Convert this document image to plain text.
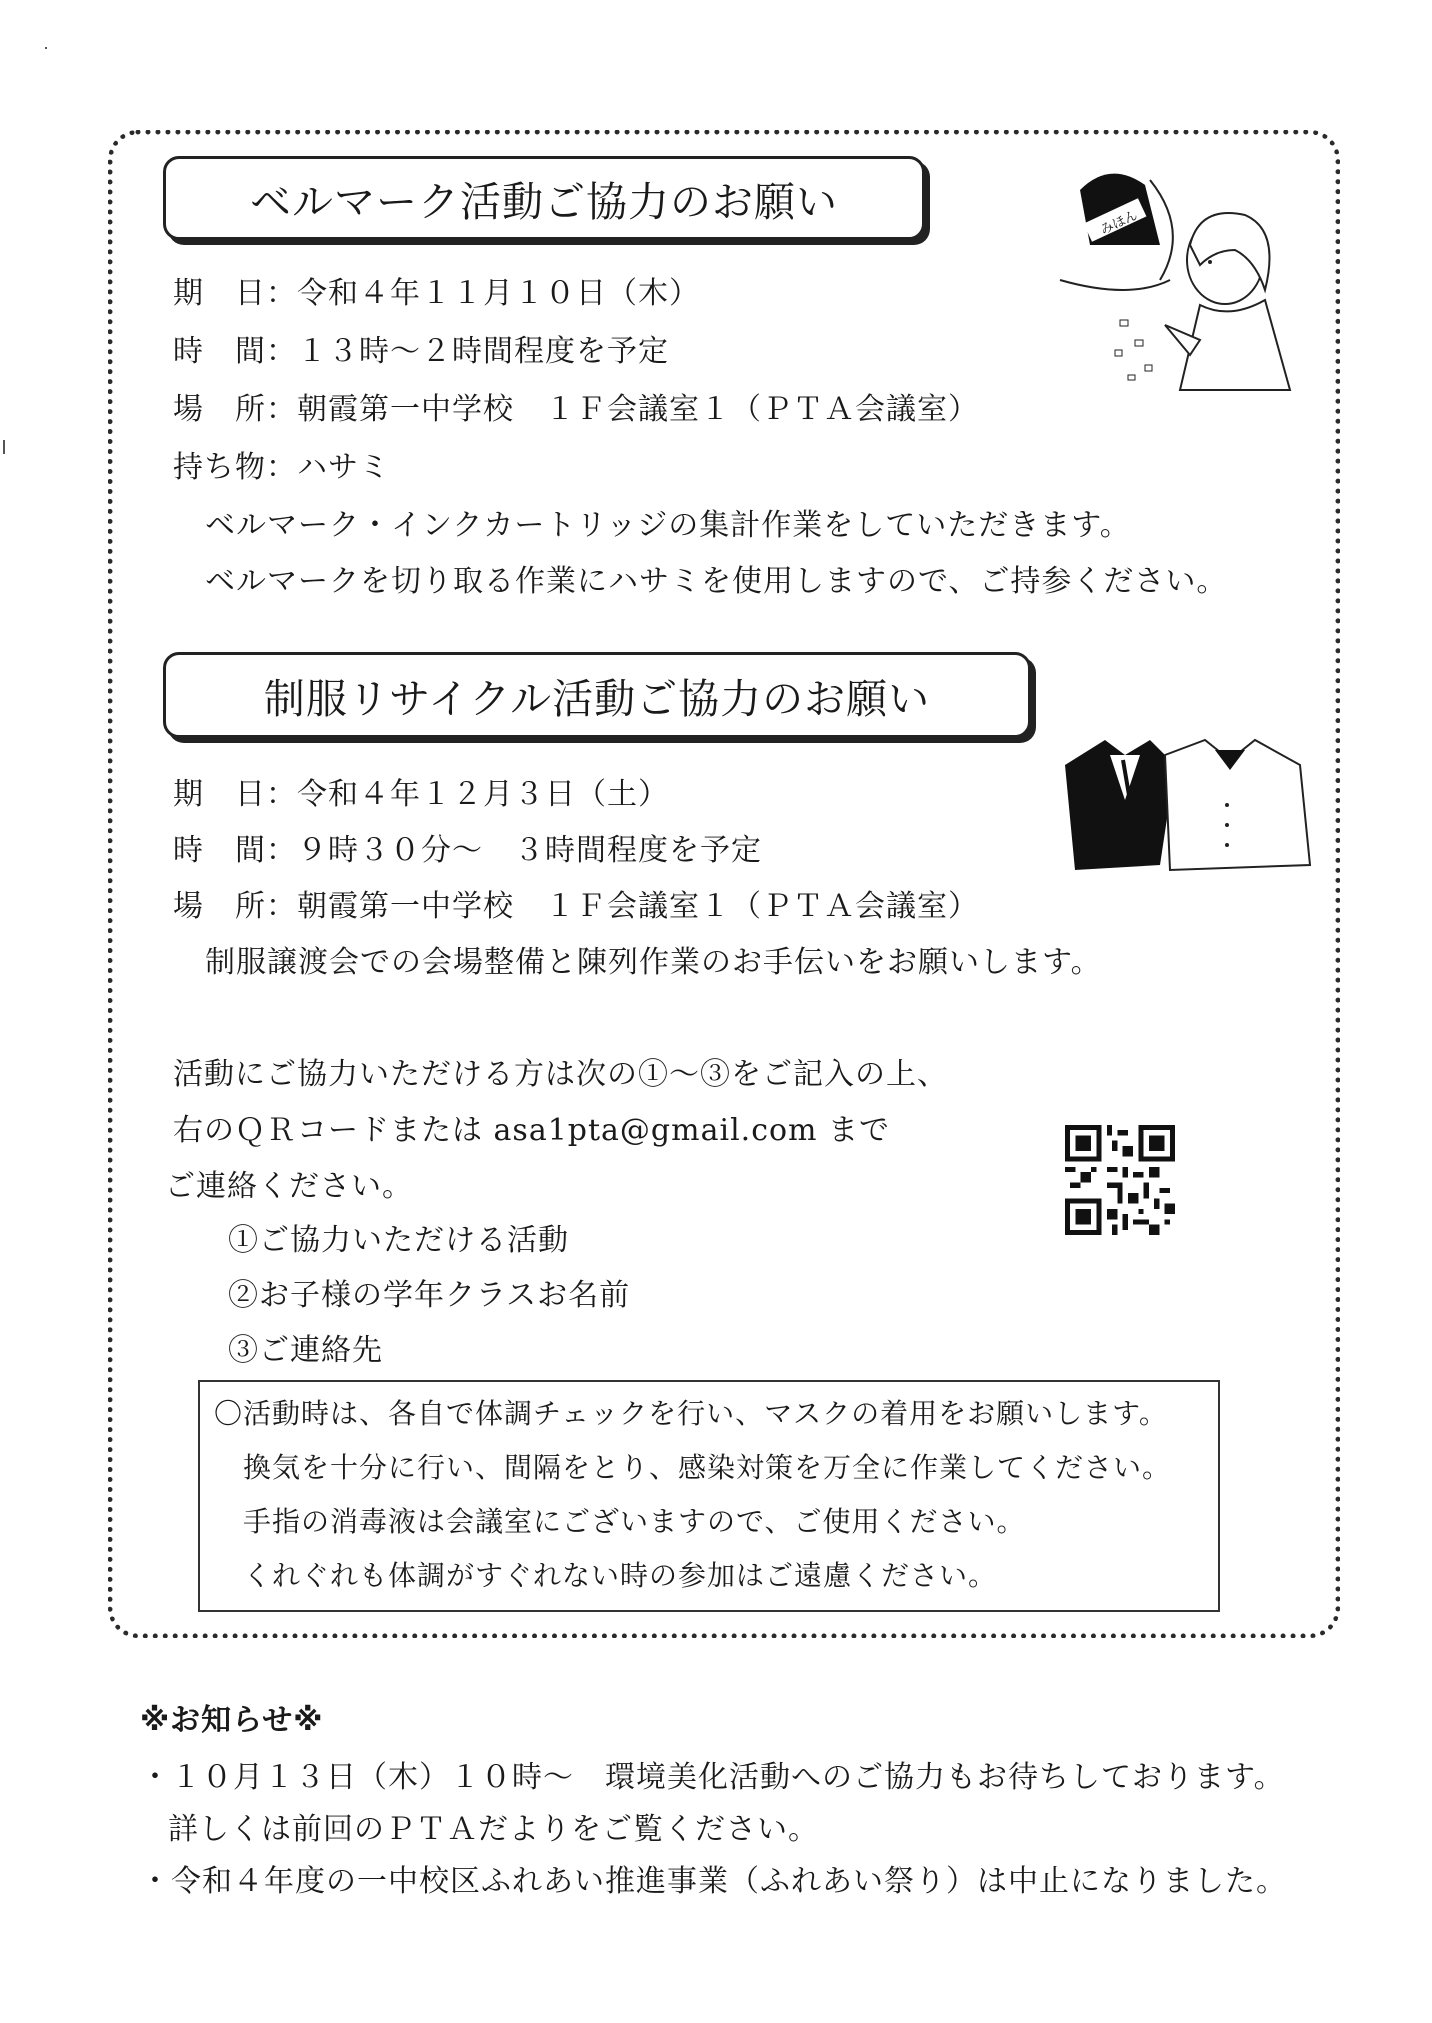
ベルマーク活動ご協力のお願い	みほん
期　日：令和４年１１月１０日（木）
時　間：１３時～２時間程度を予定
場　所：朝霞第一中学校　１Ｆ会議室１（ＰＴＡ会議室）
持ち物：ハサミ
ベルマーク・インクカートリッジの集計作業をしていただきます。
ベルマークを切り取る作業にハサミを使用しますので、ご持参ください。
制服リサイクル活動ご協力のお願い
期　日：令和４年１２月３日（土）
時　間：９時３０分～　３時間程度を予定
場　所：朝霞第一中学校　１Ｆ会議室１（ＰＴＡ会議室）
制服譲渡会での会場整備と陳列作業のお手伝いをお願いします。
活動にご協力いただける方は次の①～③をご記入の上、
右のＱＲコードまたは asa1pta@gmail.com まで
ご連絡ください。
①ご協力いただける活動
②お子様の学年クラスお名前
③ご連絡先
〇活動時は、各自で体調チェックを行い、マスクの着用をお願いします。
換気を十分に行い、間隔をとり、感染対策を万全に作業してください。
手指の消毒液は会議室にございますので、ご使用ください。
くれぐれも体調がすぐれない時の参加はご遠慮ください。
※お知らせ※
・１０月１３日（木）１０時～　環境美化活動へのご協力もお待ちしております。
詳しくは前回のＰＴＡだよりをご覧ください。
・令和４年度の一中校区ふれあい推進事業（ふれあい祭り）は中止になりました。
